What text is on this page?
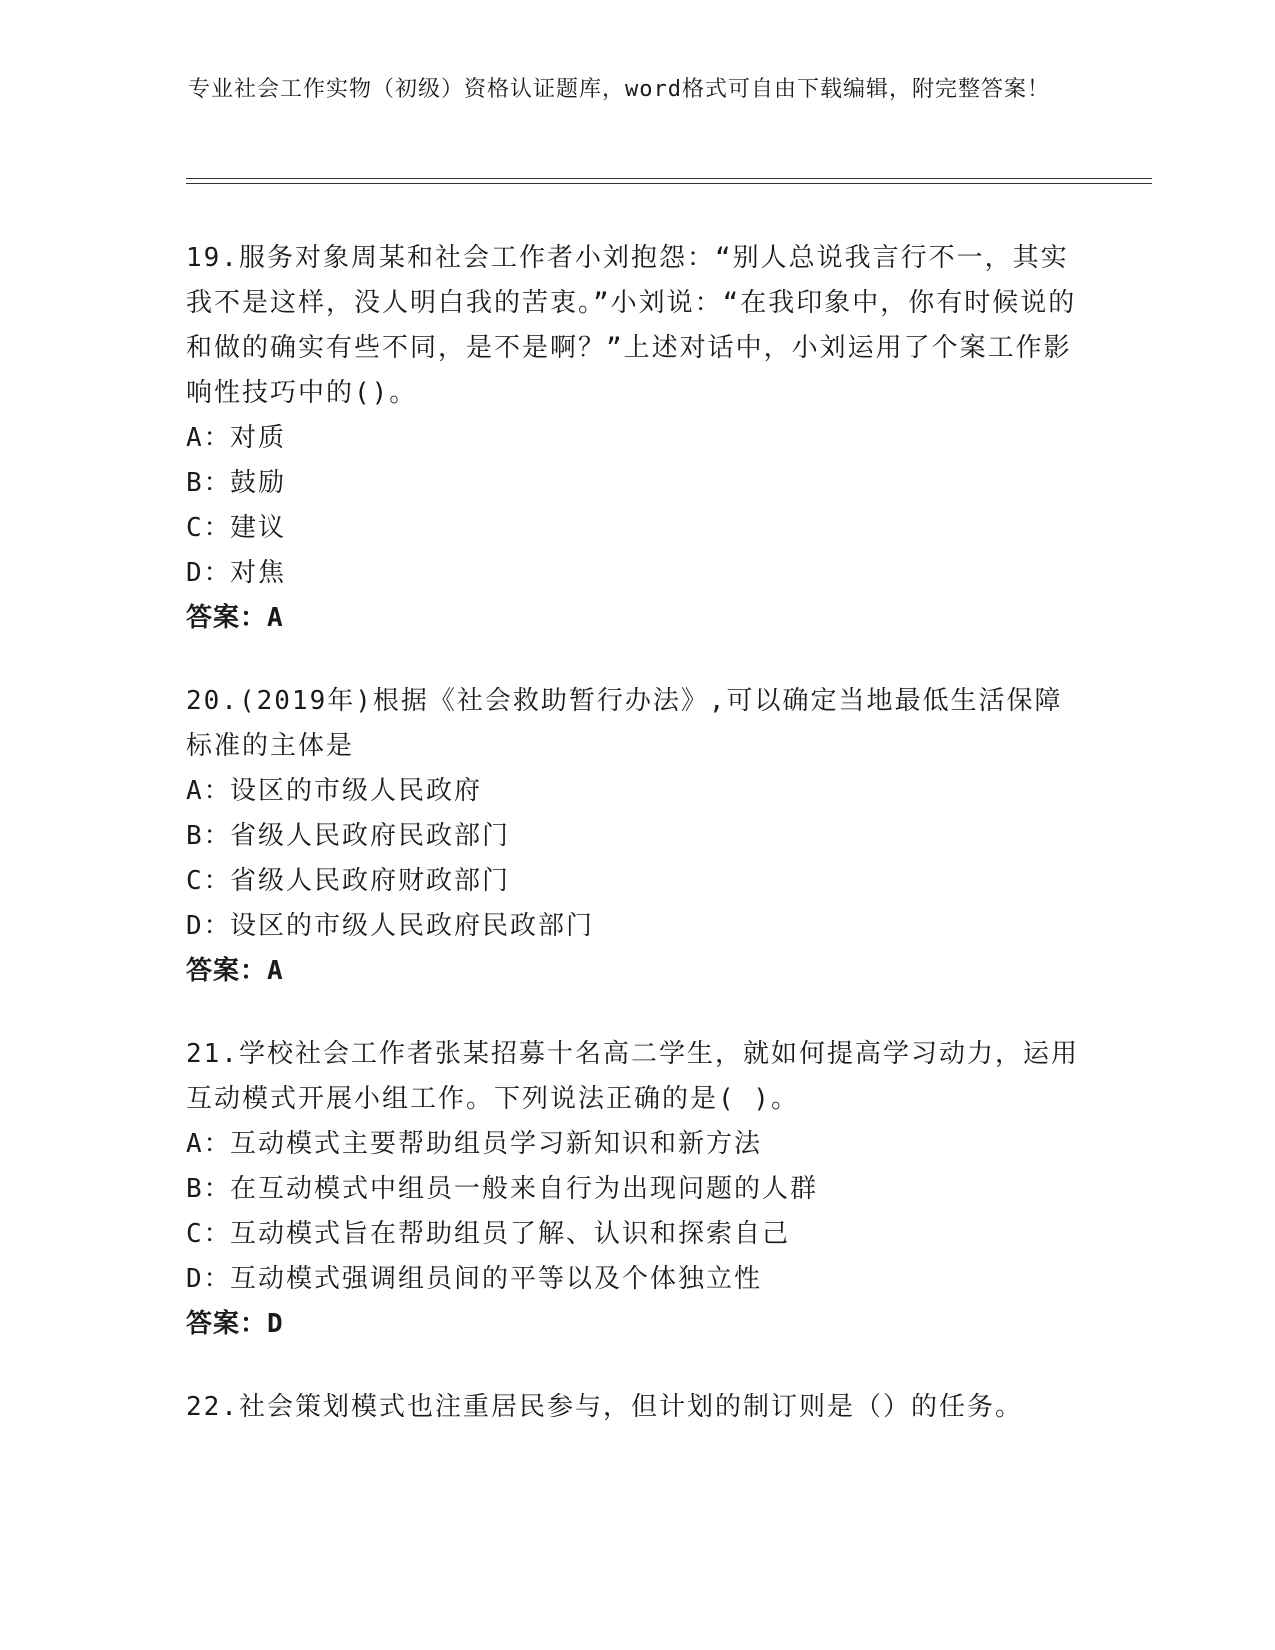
专业社会工作实物（初级）资格认证题库，word格式可自由下载编辑，附完整答案！
19.服务对象周某和社会工作者小刘抱怨：“别人总说我言行不一，其实我不是这样，没人明白我的苦衷。”小刘说：“在我印象中，你有时候说的和做的确实有些不同，是不是啊？”上述对话中，小刘运用了个案工作影响性技巧中的()。
A：对质
B：鼓励
C：建议
D：对焦
答案：A
20.(2019年)根据《社会救助暂行办法》,可以确定当地最低生活保障标准的主体是
A：设区的市级人民政府
B：省级人民政府民政部门
C：省级人民政府财政部门
D：设区的市级人民政府民政部门
答案：A
21.学校社会工作者张某招募十名高二学生，就如何提高学习动力，运用互动模式开展小组工作。下列说法正确的是( )。
A：互动模式主要帮助组员学习新知识和新方法
B：在互动模式中组员一般来自行为出现问题的人群
C：互动模式旨在帮助组员了解、认识和探索自己
D：互动模式强调组员间的平等以及个体独立性
答案：D
22.社会策划模式也注重居民参与，但计划的制订则是（）的任务。
